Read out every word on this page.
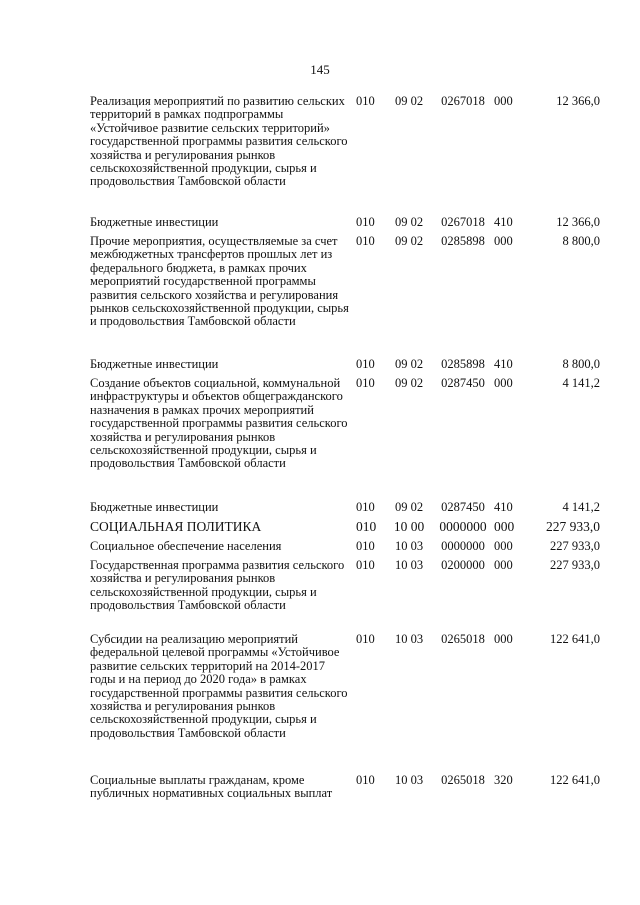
145
Реализация мероприятий по развитию сельских территорий в рамках подпрограммы «Устойчивое развитие сельских территорий» государственной программы развития сельского хозяйства и регулирования рынков сельскохозяйственной продукции, сырья и продовольствия Тамбовской области
010	09 02	0267018 000	12 366,0
Бюджетные инвестиции	010	09 02	0267018 410	12 366,0
Прочие мероприятия, осуществляемые за счет межбюджетных трансфертов прошлых лет из федерального бюджета, в рамках прочих мероприятий государственной программы развития сельского хозяйства и регулирования рынков сельскохозяйственной продукции, сырья и продовольствия Тамбовской области
010	09 02	0285898 000	8 800,0
Бюджетные инвестиции	010	09 02	0285898 410	8 800,0
Создание объектов социальной, коммунальной инфраструктуры и объектов общегражданского назначения в рамках прочих мероприятий государственной программы развития сельского хозяйства и регулирования рынков сельскохозяйственной продукции, сырья и продовольствия Тамбовской области
010	09 02	0287450 000	4 141,2
Бюджетные инвестиции	010	09 02	0287450 410	4 141,2
СОЦИАЛЬНАЯ ПОЛИТИКА	010	10 00	0000000 000	227 933,0
Социальное обеспечение населения	010	10 03	0000000 000	227 933,0
Государственная программа развития сельского хозяйства и регулирования рынков сельскохозяйственной продукции, сырья и продовольствия Тамбовской области
010	10 03	0200000 000	227 933,0
Субсидии на реализацию мероприятий федеральной целевой программы «Устойчивое развитие сельских территорий на 2014-2017 годы и на период до 2020 года» в рамках государственной программы развития сельского хозяйства и регулирования рынков сельскохозяйственной продукции, сырья и продовольствия Тамбовской области
010	10 03	0265018 000	122 641,0
Социальные выплаты гражданам, кроме публичных нормативных социальных выплат
010	10 03	0265018 320	122 641,0
